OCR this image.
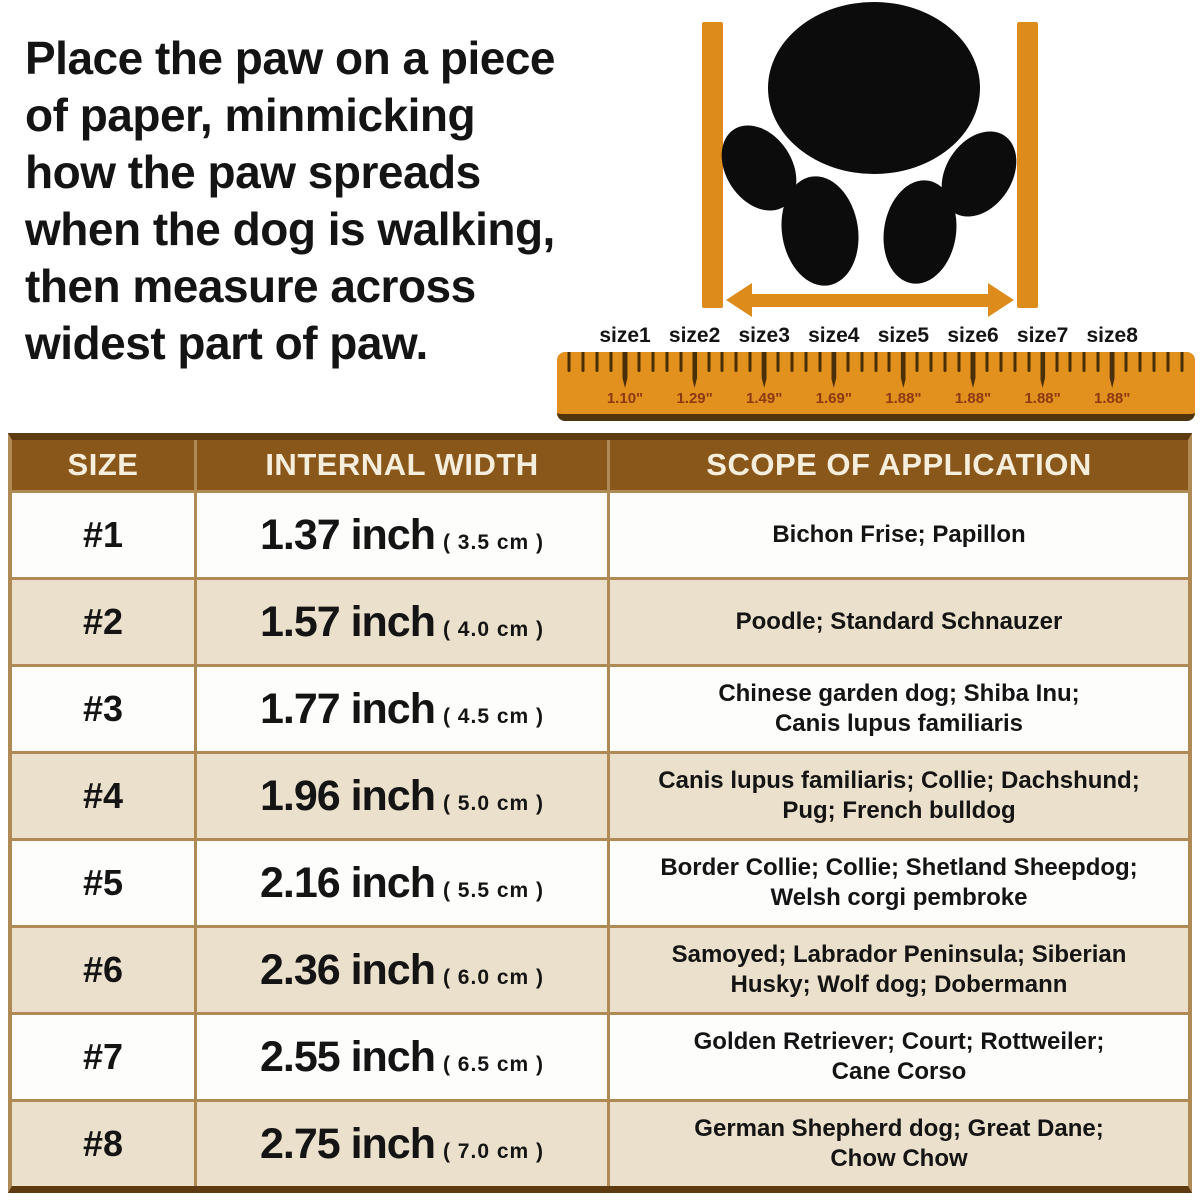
Place the paw on a piece
of paper, minmicking
how the paw spreads
when the dog is walking,
then measure across
widest part of paw.	size1 size2 size3 size4 size5 size6 size7 size8
1.10" 1.29" 1.49" 1.69" 1.88" 1.88" 1.88" 1.88"
SIZE	INTERNAL WIDTH	SCOPE OF APPLICATION
#1	1.37 inch ( 3.5 cm )	Bichon Frise; Papillon
#2	1.57 inch ( 4.0 cm )	Poodle; Standard Schnauzer
#3	1.77 inch ( 4.5 cm )
Chinese garden dog; Shiba Inu;
Canis lupus familiaris
#4	1.96 inch ( 5.0 cm )
Canis lupus familiaris; Collie; Dachshund;
Pug; French bulldog
#5	2.16 inch ( 5.5 cm )
Border Collie; Collie; Shetland Sheepdog;
Welsh corgi pembroke
#6	2.36 inch ( 6.0 cm )
Samoyed; Labrador Peninsula; Siberian
Husky; Wolf dog; Dobermann
#7	2.55 inch ( 6.5 cm )
Golden Retriever; Court; Rottweiler;
Cane Corso
#8	2.75 inch ( 7.0 cm )
German Shepherd dog; Great Dane;
Chow Chow
